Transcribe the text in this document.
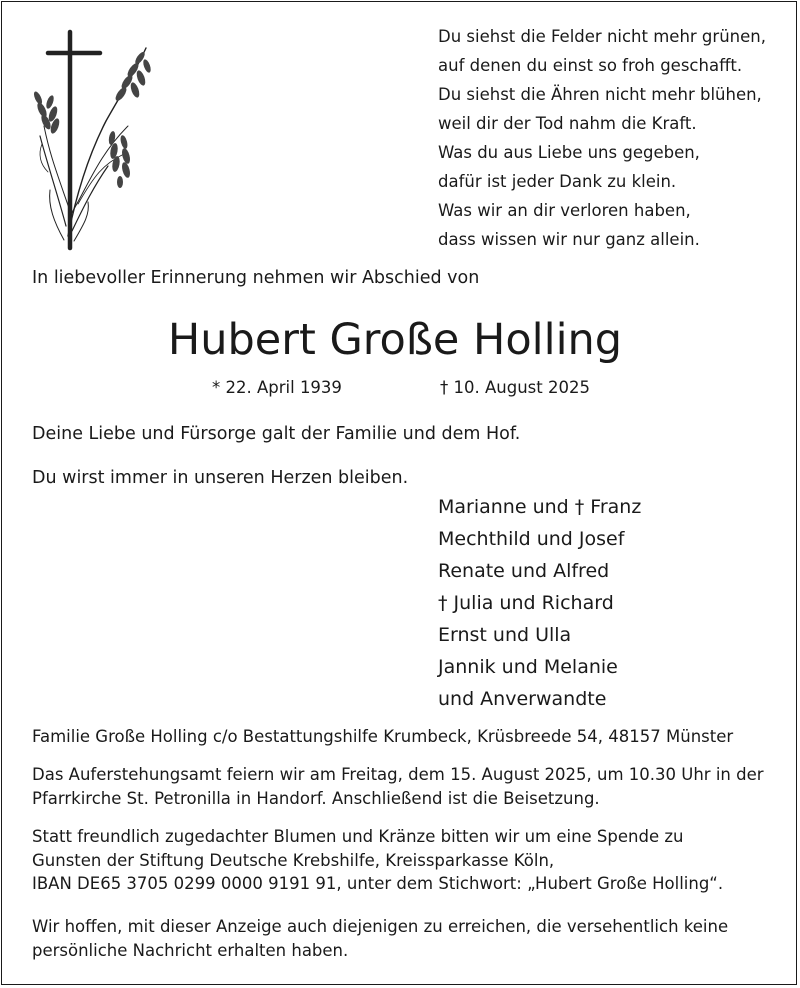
Du siehst die Felder nicht mehr grünen,
auf denen du einst so froh geschafft.
Du siehst die Ähren nicht mehr blühen,
weil dir der Tod nahm die Kraft.
Was du aus Liebe uns gegeben,
dafür ist jeder Dank zu klein.
Was wir an dir verloren haben,
dass wissen wir nur ganz allein.
In liebevoller Erinnerung nehmen wir Abschied von
Hubert Große Holling
* 22. April 1939	† 10. August 2025
Deine Liebe und Fürsorge galt der Familie und dem Hof.
Du wirst immer in unseren Herzen bleiben.
Marianne und † Franz
Mechthild und Josef
Renate und Alfred
† Julia und Richard
Ernst und Ulla
Jannik und Melanie
und Anverwandte
Familie Große Holling c/o Bestattungshilfe Krumbeck, Krüsbreede 54, 48157 Münster
Das Auferstehungsamt feiern wir am Freitag, dem 15. August 2025, um 10.30 Uhr in der
Pfarrkirche St. Petronilla in Handorf. Anschließend ist die Beisetzung.
Statt freundlich zugedachter Blumen und Kränze bitten wir um eine Spende zu
Gunsten der Stiftung Deutsche Krebshilfe, Kreissparkasse Köln,
IBAN DE65 3705 0299 0000 9191 91, unter dem Stichwort: „Hubert Große Holling“.
Wir hoffen, mit dieser Anzeige auch diejenigen zu erreichen, die versehentlich keine
persönliche Nachricht erhalten haben.
